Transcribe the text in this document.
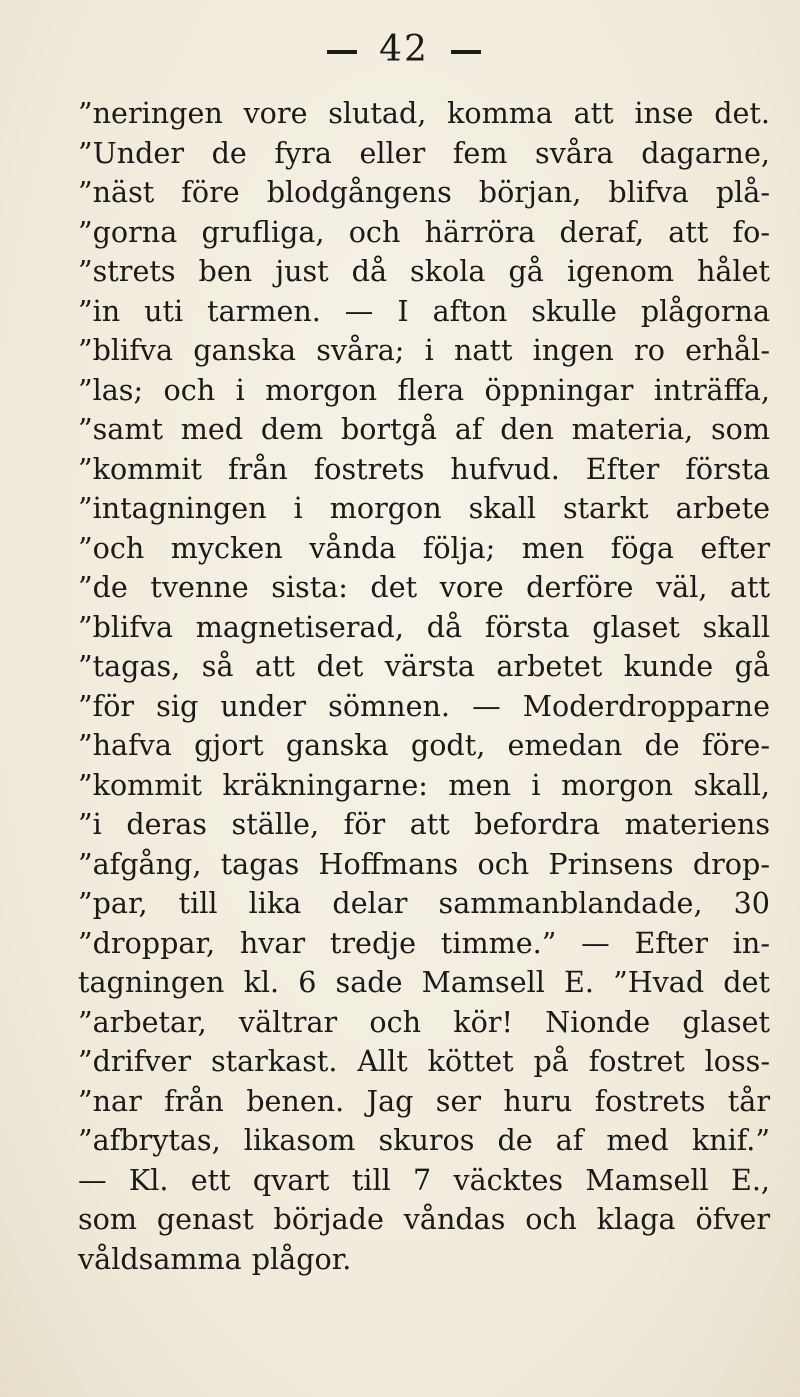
42
”neringen vore slutad, komma att inse det.
”Under de fyra eller fem svåra dagarne,
”näst före blodgångens början, blifva plå-
”gorna grufliga, och härröra deraf, att fo-
”strets ben just då skola gå igenom hålet
”in uti tarmen. — I afton skulle plågorna
”blifva ganska svåra; i natt ingen ro erhål-
”las; och i morgon flera öppningar inträffa,
”samt med dem bortgå af den materia, som
”kommit från fostrets hufvud. Efter första
”intagningen i morgon skall starkt arbete
”och mycken vånda följa; men föga efter
”de tvenne sista: det vore derföre väl, att
”blifva magnetiserad, då första glaset skall
”tagas, så att det värsta arbetet kunde gå
”för sig under sömnen. — Moderdropparne
”hafva gjort ganska godt, emedan de före-
”kommit kräkningarne: men i morgon skall,
”i deras ställe, för att befordra materiens
”afgång, tagas Hoffmans och Prinsens drop-
”par, till lika delar sammanblandade, 30
”droppar, hvar tredje timme.” — Efter in-
tagningen kl. 6 sade Mamsell E. ”Hvad det
”arbetar, vältrar och kör! Nionde glaset
”drifver starkast. Allt köttet på fostret loss-
”nar från benen. Jag ser huru fostrets tår
”afbrytas, likasom skuros de af med knif.”
— Kl. ett qvart till 7 väcktes Mamsell E.,
som genast började våndas och klaga öfver
våldsamma plågor.
